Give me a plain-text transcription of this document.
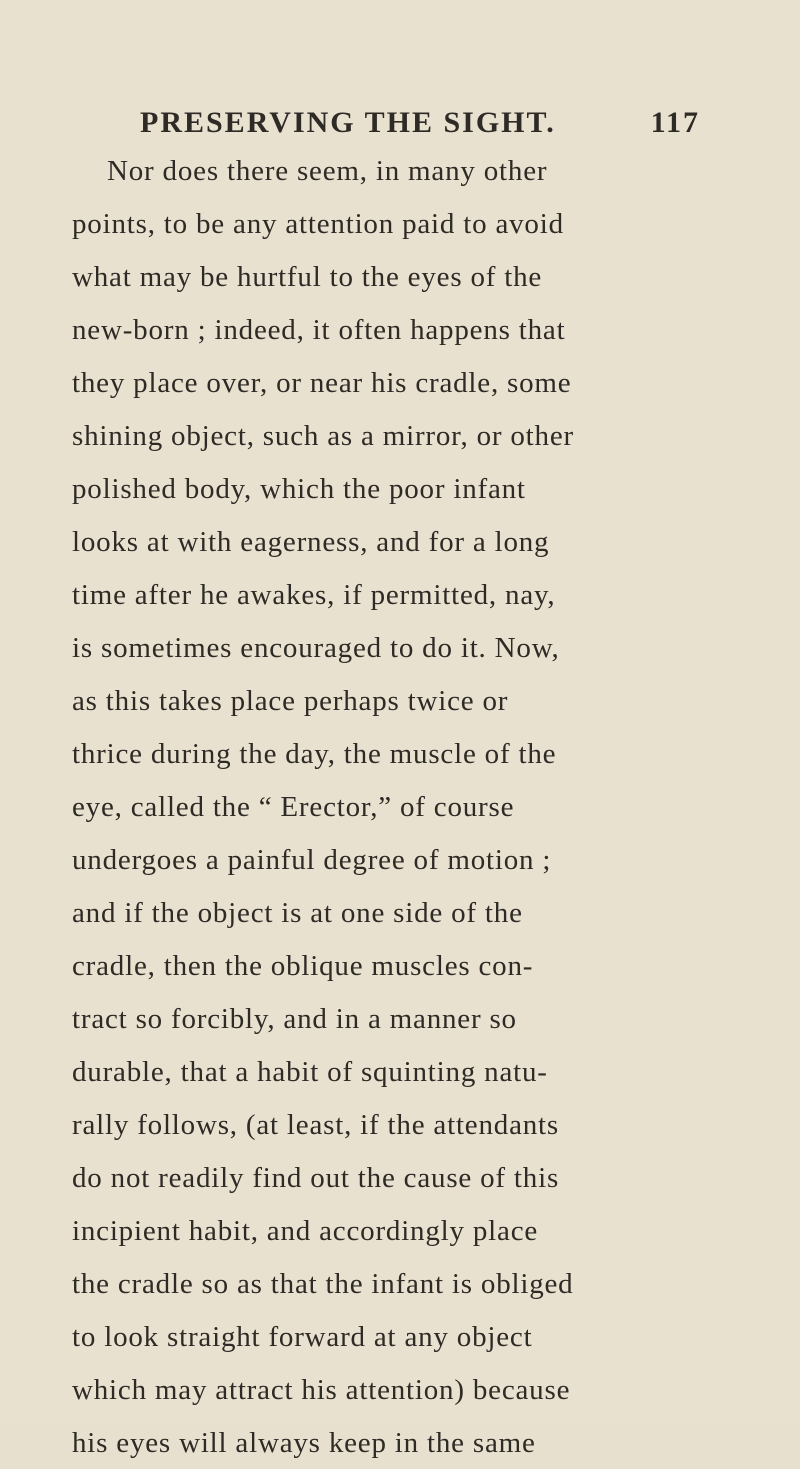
PRESERVING THE SIGHT.	117
Nor does there seem, in many other
points, to be any attention paid to avoid
what may be hurtful to the eyes of the
new-born ; indeed, it often happens that
they place over, or near his cradle, some
shining object, such as a mirror, or other
polished body, which the poor infant
looks at with eagerness, and for a long
time after he awakes, if permitted, nay,
is sometimes encouraged to do it. Now,
as this takes place perhaps twice or
thrice during the day, the muscle of the
eye, called the “ Erector,” of course
undergoes a painful degree of motion ;
and if the object is at one side of the
cradle, then the oblique muscles con-
tract so forcibly, and in a manner so
durable, that a habit of squinting natu-
rally follows, (at least, if the attendants
do not readily find out the cause of this
incipient habit, and accordingly place
the cradle so as that the infant is obliged
to look straight forward at any object
which may attract his attention) because
his eyes will always keep in the same
